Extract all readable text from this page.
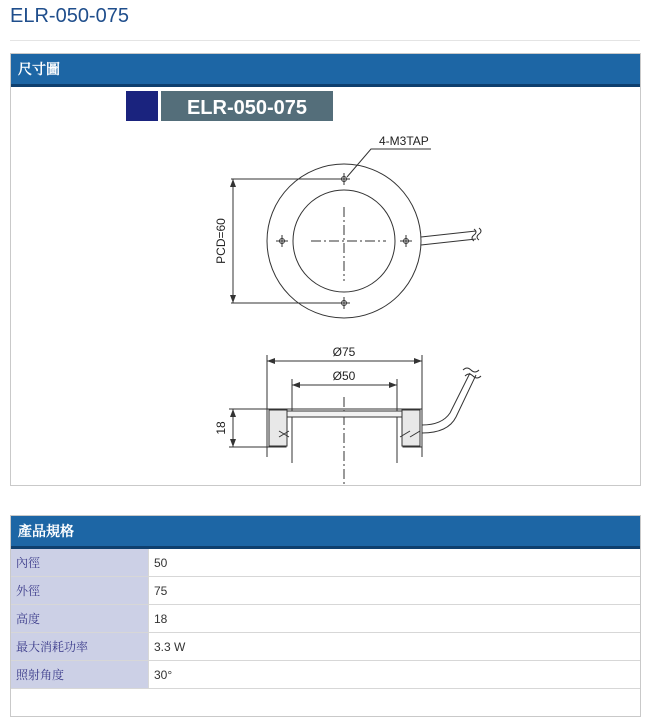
ELR-050-075
尺寸圖
ELR-050-075
4-M3TAP
PCD=60
Ø75
Ø50
18
產品規格
內徑	50
外徑	75
高度	18
最大消耗功率	3.3 W
照射角度	30°
